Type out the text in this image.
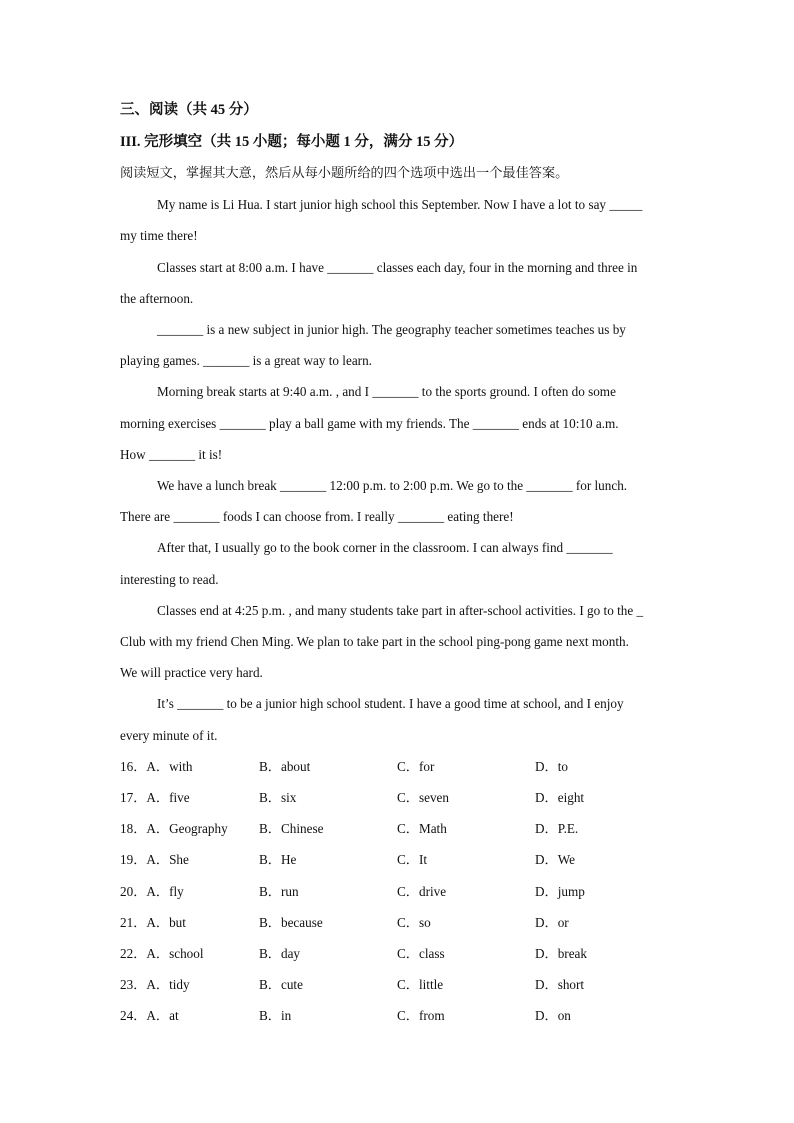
三、阅读（共 45 分）
III. 完形填空（共 15 小题；每小题 1 分，满分 15 分）
阅读短文，掌握其大意，然后从每小题所给的四个选项中选出一个最佳答案。
My name is Li Hua. I start junior high school this September. Now I have a lot to say _____
my time there!
Classes start at 8:00 a.m. I have _______ classes each day, four in the morning and three in
the afternoon.
_______ is a new subject in junior high. The geography teacher sometimes teaches us by
playing games. _______ is a great way to learn.
Morning break starts at 9:40 a.m. , and I _______ to the sports ground. I often do some
morning exercises _______ play a ball game with my friends. The _______ ends at 10:10 a.m.
How _______ it is!
We have a lunch break _______ 12:00 p.m. to 2:00 p.m. We go to the _______ for lunch.
There are _______ foods I can choose from. I really _______ eating there!
After that, I usually go to the book corner in the classroom. I can always find _______
interesting to read.
Classes end at 4:25 p.m. , and many students take part in after-school activities. I go to the _
Club with my friend Chen Ming. We plan to take part in the school ping-pong game next month.
We will practice very hard.
It’s _______ to be a junior high school student. I have a good time at school, and I enjoy
every minute of it.
16．A．with	B．about	C．for	D．to
17．A．five	B．six	C．seven	D．eight
18．A．Geography B．Chinese	C．Math	D．P.E.
19．A．She	B．He	C．It	D．We
20．A．fly	B．run	C．drive	D．jump
21．A．but	B．because	C．so	D．or
22．A．school	B．day	C．class	D．break
23．A．tidy	B．cute	C．little	D．short
24．A．at	B．in	C．from	D．on
